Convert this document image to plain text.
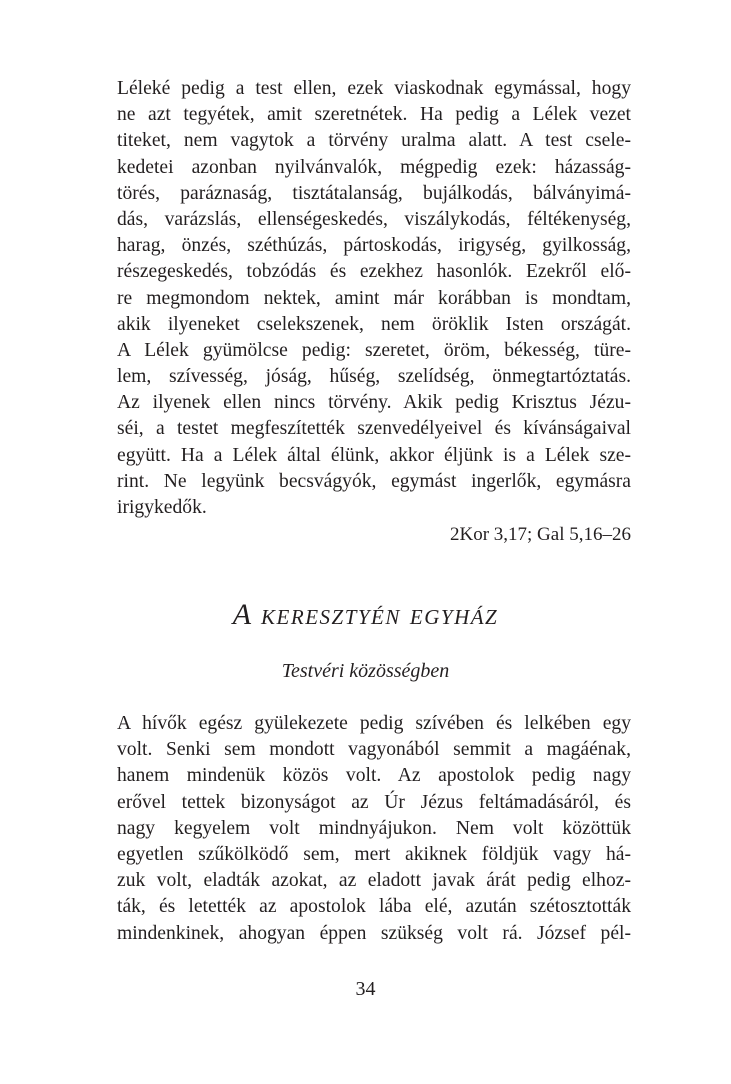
Léleké pedig a test ellen, ezek viaskodnak egymással, hogy
ne azt tegyétek, amit szeretnétek. Ha pedig a Lélek vezet
titeket, nem vagytok a törvény uralma alatt. A test csele-
kedetei azonban nyilvánvalók, mégpedig ezek: házasság-
törés, paráznaság, tisztátalanság, bujálkodás, bálványimá-
dás, varázslás, ellenségeskedés, viszálykodás, féltékenység,
harag, önzés, széthúzás, pártoskodás, irigység, gyilkosság,
részegeskedés, tobzódás és ezekhez hasonlók. Ezekről elő-
re megmondom nektek, amint már korábban is mondtam,
akik ilyeneket cselekszenek, nem öröklik Isten országát.
A Lélek gyümölcse pedig: szeretet, öröm, békesség, türe-
lem, szívesség, jóság, hűség, szelídség, önmegtartóztatás.
Az ilyenek ellen nincs törvény. Akik pedig Krisztus Jézu-
séi, a testet megfeszítették szenvedélyeivel és kívánságaival
együtt. Ha a Lélek által élünk, akkor éljünk is a Lélek sze-
rint. Ne legyünk becsvágyók, egymást ingerlők, egymásra
irigykedők.
2Kor 3,17; Gal 5,16–26
A keresztyén egyház
Testvéri közösségben
A hívők egész gyülekezete pedig szívében és lelkében egy
volt. Senki sem mondott vagyonából semmit a magáénak,
hanem mindenük közös volt. Az apostolok pedig nagy
erővel tettek bizonyságot az Úr Jézus feltámadásáról, és
nagy kegyelem volt mindnyájukon. Nem volt közöttük
egyetlen szűkölködő sem, mert akiknek földjük vagy há-
zuk volt, eladták azokat, az eladott javak árát pedig elhoz-
ták, és letették az apostolok lába elé, azután szétosztották
mindenkinek, ahogyan éppen szükség volt rá. József pél-
34
